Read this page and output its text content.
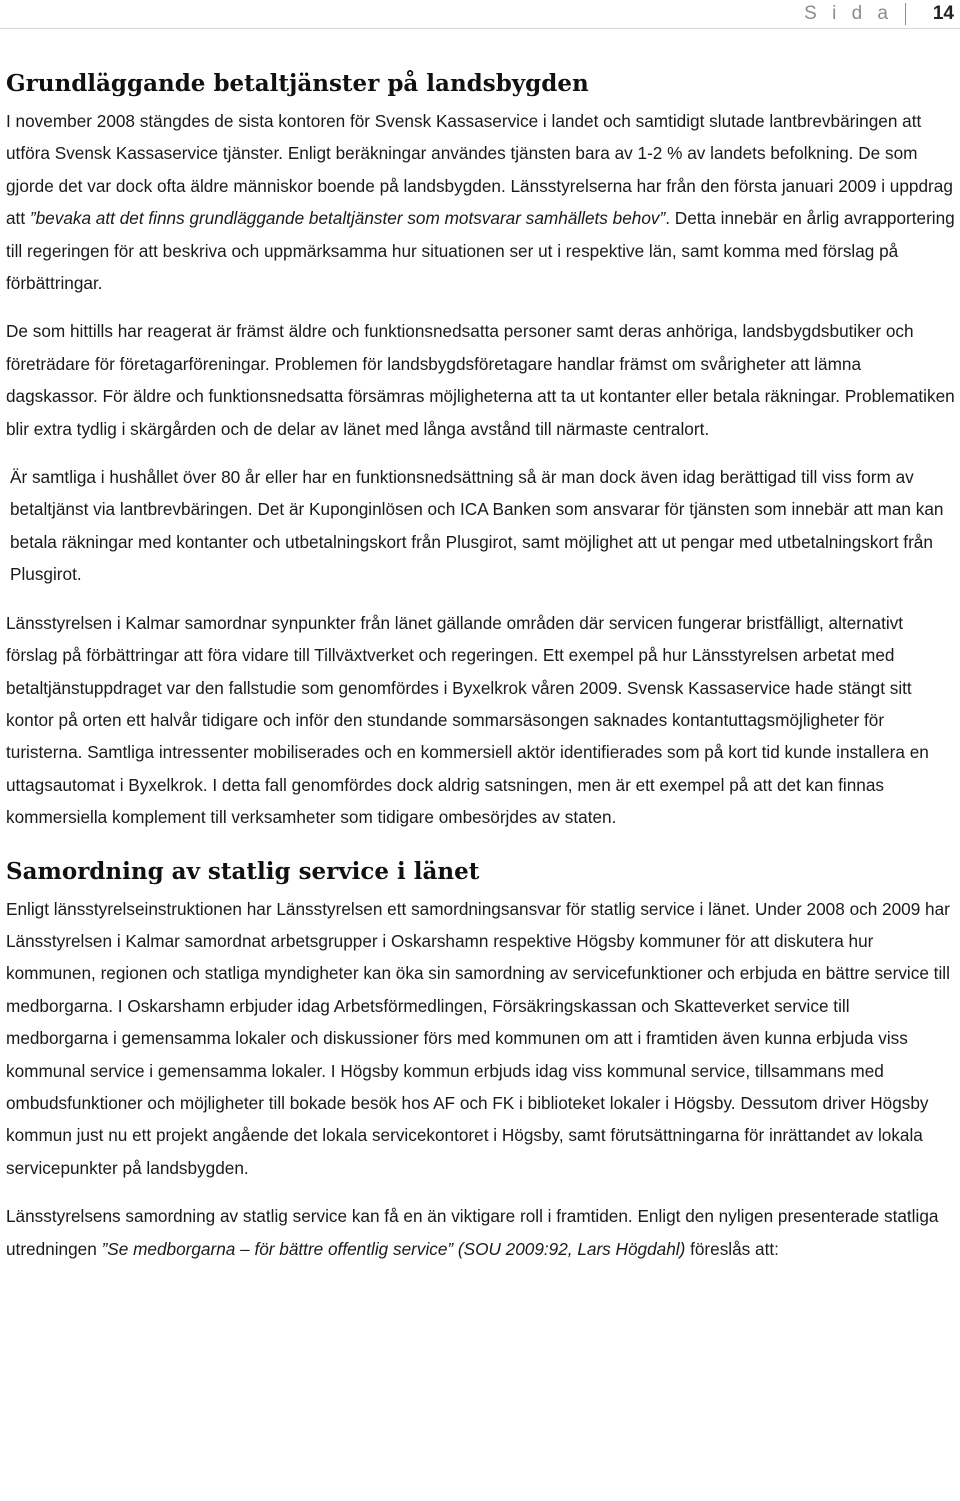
S i d a	14
Grundläggande betaltjänster på landsbygden

I november 2008 stängdes de sista kontoren för Svensk Kassaservice i landet och samtidigt slutade lantbrevbäringen att utföra Svensk Kassaservice tjänster. Enligt beräkningar användes tjänsten bara av 1-2 % av landets befolkning. De som gjorde det var dock ofta äldre människor boende på landsbygden. Länsstyrelserna har från den första januari 2009 i uppdrag att ”bevaka att det finns grundläggande betaltjänster som motsvarar samhällets behov”. Detta innebär en årlig avrapportering till regeringen för att beskriva och uppmärksamma hur situationen ser ut i respektive län, samt komma med förslag på förbättringar.

De som hittills har reagerat är främst äldre och funktionsnedsatta personer samt deras anhöriga, landsbygdsbutiker och företrädare för företagarföreningar. Problemen för landsbygdsföretagare handlar främst om svårigheter att lämna dagskassor. För äldre och funktionsnedsatta försämras möjligheterna att ta ut kontanter eller betala räkningar. Problematiken blir extra tydlig i skärgården och de delar av länet med långa avstånd till närmaste centralort.

Är samtliga i hushållet över 80 år eller har en funktionsnedsättning så är man dock även idag berättigad till viss form av betaltjänst via lantbrevbäringen. Det är Kuponginlösen och ICA Banken som ansvarar för tjänsten som innebär att man kan betala räkningar med kontanter och utbetalningskort från Plusgirot, samt möjlighet att ut pengar med utbetalningskort från Plusgirot.

Länsstyrelsen i Kalmar samordnar synpunkter från länet gällande områden där servicen fungerar bristfälligt, alternativt förslag på förbättringar att föra vidare till Tillväxtverket och regeringen. Ett exempel på hur Länsstyrelsen arbetat med betaltjänstuppdraget var den fallstudie som genomfördes i Byxelkrok våren 2009. Svensk Kassaservice hade stängt sitt kontor på orten ett halvår tidigare och inför den stundande sommarsäsongen saknades kontantuttagsmöjligheter för turisterna. Samtliga intressenter mobiliserades och en kommersiell aktör identifierades som på kort tid kunde installera en uttagsautomat i Byxelkrok. I detta fall genomfördes dock aldrig satsningen, men är ett exempel på att det kan finnas kommersiella komplement till verksamheter som tidigare ombesörjdes av staten.

Samordning av statlig service i länet

Enligt länsstyrelseinstruktionen har Länsstyrelsen ett samordningsansvar för statlig service i länet. Under 2008 och 2009 har Länsstyrelsen i Kalmar samordnat arbetsgrupper i Oskarshamn respektive Högsby kommuner för att diskutera hur kommunen, regionen och statliga myndigheter kan öka sin samordning av servicefunktioner och erbjuda en bättre service till medborgarna. I Oskarshamn erbjuder idag Arbetsförmedlingen, Försäkringskassan och Skatteverket service till medborgarna i gemensamma lokaler och diskussioner förs med kommunen om att i framtiden även kunna erbjuda viss kommunal service i gemensamma lokaler. I Högsby kommun erbjuds idag viss kommunal service, tillsammans med ombudsfunktioner och möjligheter till bokade besök hos AF och FK i biblioteket lokaler i Högsby. Dessutom driver Högsby kommun just nu ett projekt angående det lokala servicekontoret i Högsby, samt förutsättningarna för inrättandet av lokala servicepunkter på landsbygden.

Länsstyrelsens samordning av statlig service kan få en än viktigare roll i framtiden. Enligt den nyligen presenterade statliga utredningen ”Se medborgarna – för bättre offentlig service” (SOU 2009:92, Lars Högdahl) föreslås att:
